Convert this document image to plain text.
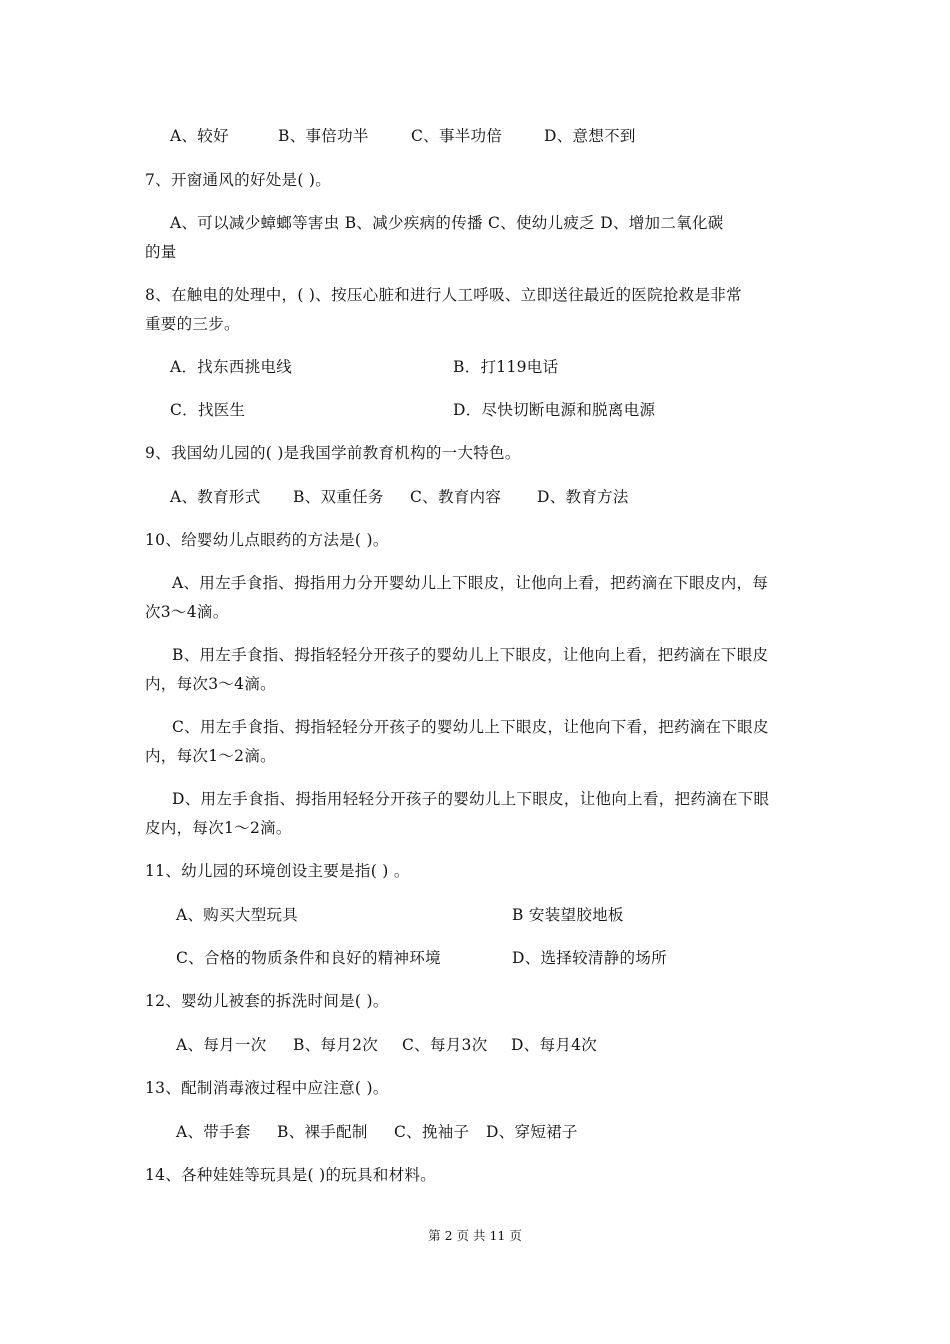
A、较好	B、事倍功半	C、事半功倍	D、意想不到
7、开窗通风的好处是( )。
A、可以减少蟑螂等害虫 B、减少疾病的传播 C、使幼儿疲乏 D、增加二氧化碳
的量
8、在触电的处理中，( )、按压心脏和进行人工呼吸、立即送往最近的医院抢救是非常
重要的三步。
A．找东西挑电线	B．打119电话
C．找医生	D．尽快切断电源和脱离电源
9、我国幼儿园的( )是我国学前教育机构的一大特色。
A、教育形式 B、双重任务 C、教育内容 D、教育方法
10、给婴幼儿点眼药的方法是( )。
A、用左手食指、拇指用力分开婴幼儿上下眼皮，让他向上看，把药滴在下眼皮内，每
次3～4滴。
B、用左手食指、拇指轻轻分开孩子的婴幼儿上下眼皮，让他向上看，把药滴在下眼皮
内，每次3～4滴。
C、用左手食指、拇指轻轻分开孩子的婴幼儿上下眼皮，让他向下看，把药滴在下眼皮
内，每次1～2滴。
D、用左手食指、拇指用轻轻分开孩子的婴幼儿上下眼皮，让他向上看，把药滴在下眼
皮内，每次1～2滴。
11、幼儿园的环境创设主要是指( ) 。
A、购买大型玩具	B 安装望胶地板
C、合格的物质条件和良好的精神环境	D、选择较清静的场所
12、婴幼儿被套的拆洗时间是( )。
A、每月一次 B、每月2次 C、每月3次 D、每月4次
13、配制消毒液过程中应注意( )。
A、带手套 B、裸手配制 C、挽袖子 D、穿短裙子
14、各种娃娃等玩具是( )的玩具和材料。
第 2 页 共 11 页
